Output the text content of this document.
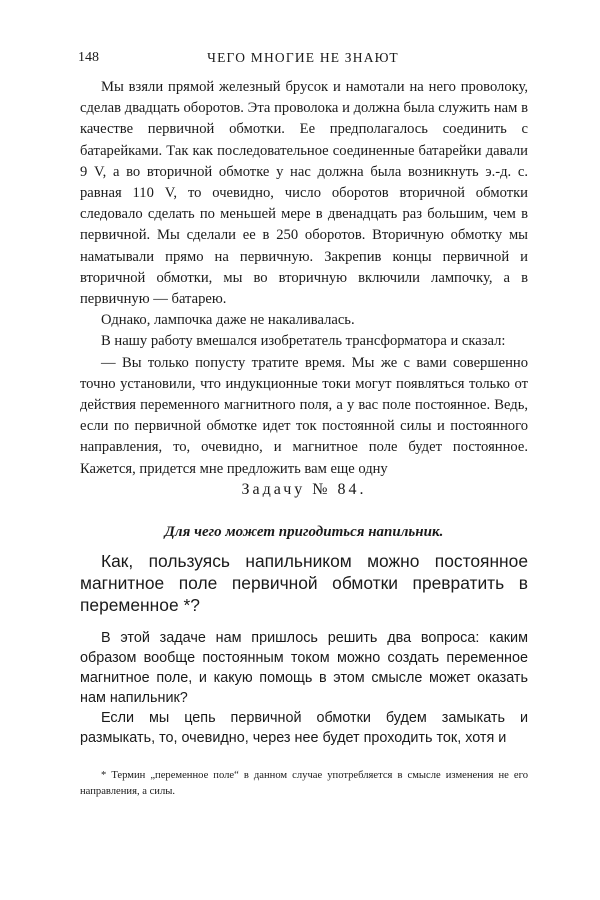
148	ЧЕГО МНОГИЕ НЕ ЗНАЮТ

Мы взяли прямой железный брусок и намотали на него проволоку, сделав двадцать оборотов. Эта проволока и должна была служить нам в качестве первичной обмотки. Ее предполагалось соединить с батарейками. Так как последовательное соединенные батарейки давали 9 V, а во вторичной обмотке у нас должна была возникнуть э.-д. с. равная 110 V, то очевидно, число оборотов вторичной обмотки следовало сделать по меньшей мере в двенадцать раз большим, чем в первичной. Мы сделали ее в 250 оборотов. Вторичную обмотку мы наматывали прямо на первичную. Закрепив концы первичной и вторичной обмотки, мы во вторичную включили лампочку, а в первичную — батарею.

Однако, лампочка даже не накаливалась.

В нашу работу вмешался изобретатель трансформатора и сказал:

— Вы только попусту тратите время. Мы же с вами совершенно точно установили, что индукционные токи могут появляться только от действия переменного магнитного поля, а у вас поле постоянное. Ведь, если по первичной обмотке идет ток постоянной силы и постоянного направления, то, очевидно, и магнитное поле будет постоянное. Кажется, придется мне предложить вам еще одну

Задачу № 84.
Для чего может пригодиться напильник.
Как, пользуясь напильником можно постоянное магнитное поле первичной обмотки превратить в переменное *?

В этой задаче нам пришлось решить два вопроса: каким образом вообще постоянным током можно создать переменное магнитное поле, и какую помощь в этом смысле может оказать нам напильник?

Если мы цепь первичной обмотки будем замыкать и размыкать, то, очевидно, через нее будет проходить ток, хотя и

* Термин „переменное поле“ в данном случае употребляется в смысле изменения не его направления, а силы.
